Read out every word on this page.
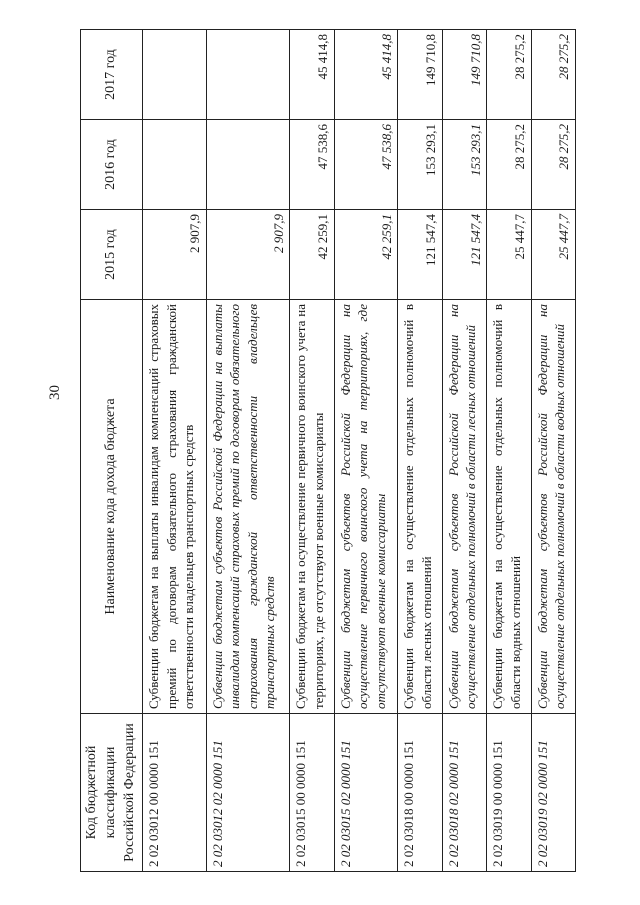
30
Код бюджетной классификации Российской Федерации	Наименование кода дохода бюджета	2015 год	2016 год	2017 год
2 02 03012 00 0000 151	Субвенции бюджетам на выплаты инвалидам компенсаций страховых премий по договорам обязательного страхования гражданской ответственности владельцев транспортных средств	2 907,9		
2 02 03012 02 0000 151	Субвенции бюджетам субъектов Российской Федерации на выплаты инвалидам компенсаций страховых премий по договорам обязательного страхования гражданской ответственности владельцев транспортных средств	2 907,9		
2 02 03015 00 0000 151	Субвенции бюджетам на осуществление первичного воинского учета на территориях, где отсутствуют военные комиссариаты	42 259,1	47 538,6	45 414,8
2 02 03015 02 0000 151	Субвенции бюджетам субъектов Российской Федерации на осуществление первичного воинского учета на территориях, где отсутствуют военные комиссариаты	42 259,1	47 538,6	45 414,8
2 02 03018 00 0000 151	Субвенции бюджетам на осуществление отдельных полномочий в области лесных отношений	121 547,4	153 293,1	149 710,8
2 02 03018 02 0000 151	Субвенции бюджетам субъектов Российской Федерации на осуществление отдельных полномочий в области лесных отношений	121 547,4	153 293,1	149 710,8
2 02 03019 00 0000 151	Субвенции бюджетам на осуществление отдельных полномочий в области водных отношений	25 447,7	28 275,2	28 275,2
2 02 03019 02 0000 151	Субвенции бюджетам субъектов Российской Федерации на осуществление отдельных полномочий в области водных отношений	25 447,7	28 275,2	28 275,2
